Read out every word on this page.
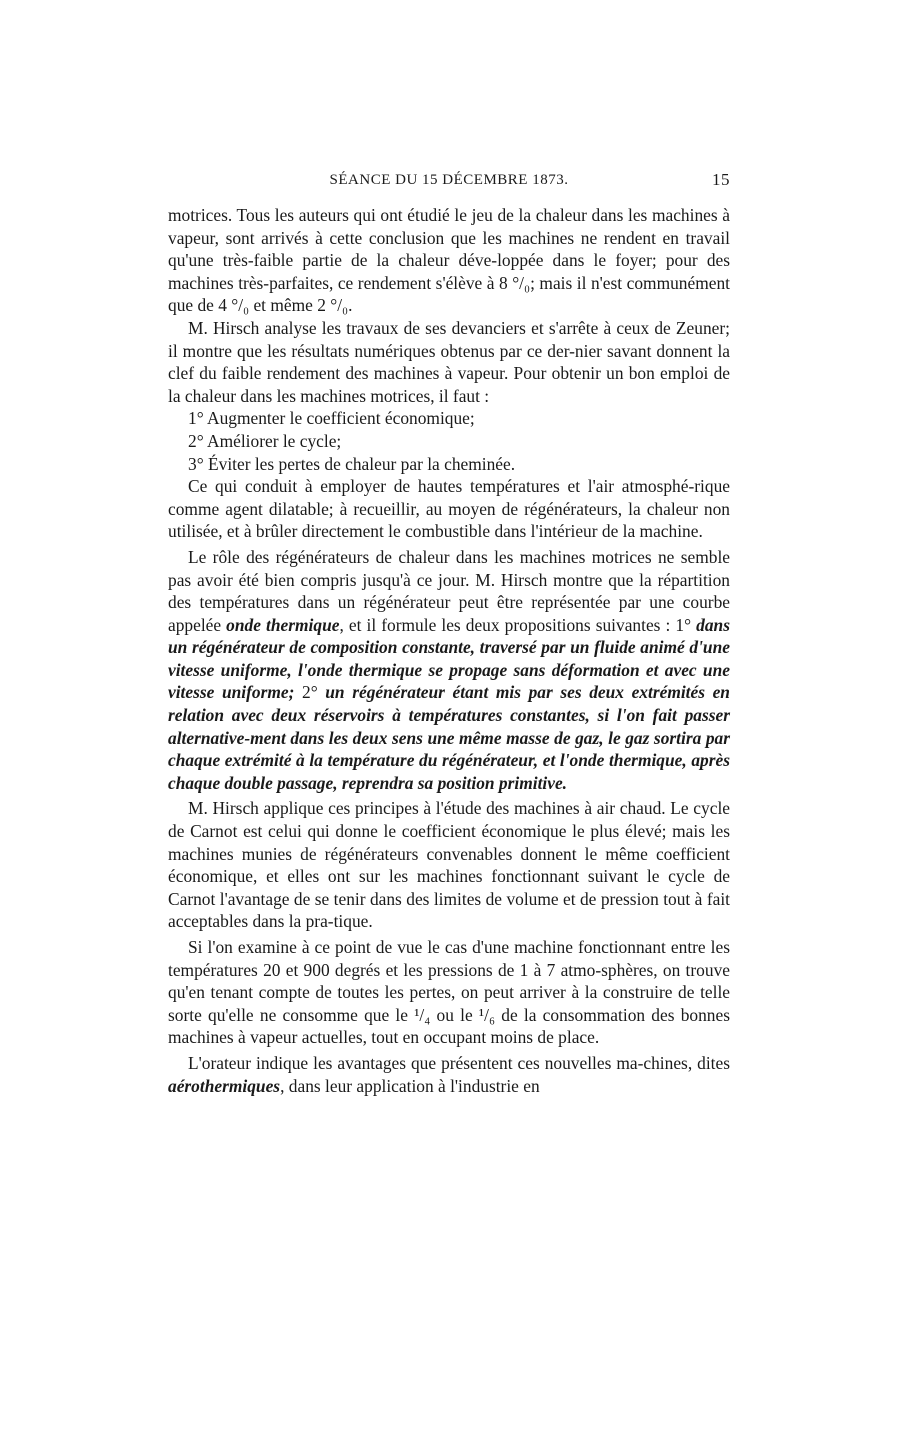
SÉANCE DU 15 DÉCEMBRE 1873.	15

motrices. Tous les auteurs qui ont étudié le jeu de la chaleur dans les machines à vapeur, sont arrivés à cette conclusion que les machines ne rendent en travail qu'une très-faible partie de la chaleur déve-loppée dans le foyer; pour des machines très-parfaites, ce rendement s'élève à 8 °/₀; mais il n'est communément que de 4 °/₀ et même 2 °/₀.

M. Hirsch analyse les travaux de ses devanciers et s'arrête à ceux de Zeuner; il montre que les résultats numériques obtenus par ce der-nier savant donnent la clef du faible rendement des machines à vapeur. Pour obtenir un bon emploi de la chaleur dans les machines motrices, il faut :

1° Augmenter le coefficient économique;

2° Améliorer le cycle;

3° Éviter les pertes de chaleur par la cheminée.

Ce qui conduit à employer de hautes températures et l'air atmosphé-rique comme agent dilatable; à recueillir, au moyen de régénérateurs, la chaleur non utilisée, et à brûler directement le combustible dans l'intérieur de la machine.

Le rôle des régénérateurs de chaleur dans les machines motrices ne semble pas avoir été bien compris jusqu'à ce jour. M. Hirsch montre que la répartition des températures dans un régénérateur peut être représentée par une courbe appelée onde thermique, et il formule les deux propositions suivantes : 1° dans un régénérateur de composition constante, traversé par un fluide animé d'une vitesse uniforme, l'onde thermique se propage sans déformation et avec une vitesse uniforme; 2° un régénérateur étant mis par ses deux extrémités en relation avec deux réservoirs à températures constantes, si l'on fait passer alternative-ment dans les deux sens une même masse de gaz, le gaz sortira par chaque extrémité à la température du régénérateur, et l'onde thermique, après chaque double passage, reprendra sa position primitive.

M. Hirsch applique ces principes à l'étude des machines à air chaud. Le cycle de Carnot est celui qui donne le coefficient économique le plus élevé; mais les machines munies de régénérateurs convenables donnent le même coefficient économique, et elles ont sur les machines fonctionnant suivant le cycle de Carnot l'avantage de se tenir dans des limites de volume et de pression tout à fait acceptables dans la pra-tique.

Si l'on examine à ce point de vue le cas d'une machine fonctionnant entre les températures 20 et 900 degrés et les pressions de 1 à 7 atmo-sphères, on trouve qu'en tenant compte de toutes les pertes, on peut arriver à la construire de telle sorte qu'elle ne consomme que le ¹/₄ ou le ¹/₆ de la consommation des bonnes machines à vapeur actuelles, tout en occupant moins de place.

L'orateur indique les avantages que présentent ces nouvelles ma-chines, dites aérothermiques, dans leur application à l'industrie en
